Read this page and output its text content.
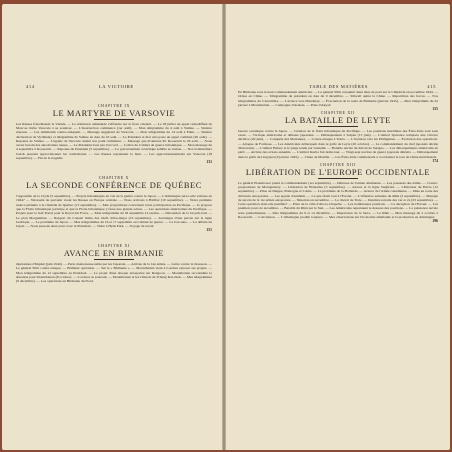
414	LA VICTOIRE
CHAPITRE IX
LE MARTYRE DE VARSOVIE
Les Russes franchissent la Vistule. — La résistance allemande s'effondre sur le front oriental. — Le 29 juillet un appel radiodiffusé de Moscou invite Varsovie à se soulever. — L'insurrection commence (1er août). — Mon télégramme du 4 août à Staline. — Sinistre réponse. — Les Allemands contre-attaquent. — Message suggérant de Varsovie. — Mon télégramme du 14 août à Eden. — Sinistre déclaration de Vychinsky et télégramme de Staline en date du 16 août. — Le Président et moi envoyons un appel commun (20 août). — Réponse de Staline. — L'agonie de Varsovie atteint son point culminant. — Message que m'adresse M. Roosevelt le 26 août. — Nous avons besoin des aérodromes russes. — Le Président n'est pas d'accord. — Colère du Cabinet de guerre britannique. — Mon message du 4 septembre à Roosevelt. — Réponse du Président (5 septembre). — Le gouvernement soviétique semble se raviser. — Nos bombardiers lourds peuvent approvisionner les combattants. — Les Russes reprennent la lutte. — Les approvisionnements sur Varsovie (18 septembre). — Fin de la tragédie
131
CHAPITRE X
LA SECONDE CONFÉRENCE DE QUÉBEC
J'appareille de la Clyde (5 septembre). — Projets britanniques en vue de la guerre contre le Japon. — L'Allemagne sera-t-elle vaincue en 1944? — Nécessité de parvenir avant les Russes en Europe centrale. — Nous arrivons à Halifax (10 septembre). — Notre première séance plénière à la citadelle de Québec (13 septembre). — Mes propositions concernant notre participation au Pacifique. — Je propose que la Flotte britannique participe et que la Flotte britannique y fasse une grande action. — Les opérations américaines du Pacifique. — Projets pour le bref Portal pour la Royal Air Force. — Mon télégramme du 18 septembre à Londres. — Discussion de la loi prêt-bail. — Le plan Morgenthau. — Rapport du Conseil mixte des chefs d'état-major (16 septembre). — Avantages d'une percée sur la ligne Gothique. — Le problème du Japon. — Mes télégrammes du 16 et 17 septembre au Cabinet de guerre. — Le bon sens. — La défaite du Japon. — Nous passons deux jours avec le Président. — Visite à Hyde Park. — Voyage de retour
151
CHAPITRE XI
AVANCE EN BIRMANIE
Opérations d'Imphal (juin 1944). — Perte douloureuse subie par les Japonais. — Arrivée de la 14e armée. — Lettre contre la mousson. — Le général Slim contre-attaque. — Brillante opération. — Sur la « Birmanie ». — Mountbatten vient à Londres exposer ses projets. — Mon télégramme du 12 septembre au Président. — Le projet d'une attaque aéroportée sur Rangoon. — Mountbatten reconsidère la situation pour Mountbatten (8 octobre). — L'avance se poursuit. — Mountbatten et les Chinois de Tchang Kaï-chek. — Mes télégrammes (9 décembre). — Les opérations en Birmanie du Nord.
TABLE DES MATIÈRES	415
En Birmanie sous le haut commandement américain. — Le général Slim conquiert deux têtes de pont sur le Chindwin en novembre 1944. — Orissa en Chine. — Télégramme du président en date du 9 décembre. — Stilwell quitte la Chine. — Répartition des forces. — Nos télégrammes du 5 décembre. — L'avance vers Mandalay. — Évacuation de la route de Birmanie (janvier 1945). — Mon télégramme du 22 janvier à Mountbatten. — Campagne d'Arakan. — Prise d'Akyab
155
CHAPITRE XII
LA BATAILLE DE LEYTE
Guerre océanique contre le Japon. — Création de la flotte britannique du Pacifique. — Les positions maritimes des États-Unis sont sans cesse. — Tactique américaine et défense japonaise. — Débarquement à Saipan (15 juin). — L'amiral Spruance remporte une victoire décisive (20 juin). — Conquête des Mariannes. — Contre-attaque à Tokio. — L'invasion vers les Philippines. — Evolution des opérations. — Attaque de Formose. — Les Américains débarquent dans le golfe de Leyte (20 octobre). — Le commandement du chef japonais décide d'intervenir. — L'amiral Halsey et le piège tendu par l'ennemi. — Bataille navale du détroit de Surigao. — Les débarquements américains en péril. — Arrivée des avions ennemis. — L'amiral Kurita fait demi-tour. — Vingt-sept navires de guerre japonais détruits. — Débarquement dans le golfe de Lingayen (9 janvier 1945). — Chute de Manille. — Les États-Unis commencent à coordonner la tour de Chine méridionale
174
CHAPITRE XIII
LIBÉRATION DE L'EUROPE OCCIDENTALE
Le général Eisenhower prend le commandement (1er septembre). — Détresse de l'armée allemande. — Les poussées des Alliés. — Contre-propositions de Montgomery. — Libération de Bruxelles (3 septembre). — Anvers et la ligne Siegfried. — Libération du Havre (12 septembre). — Prise de Dieppe, Boulogne et Calais. — Le problème de la Hollande. — Avance de l'armée canadienne. — Mise en route des divisions aéroportées. — Les appuis d'Arnhem. — Ce que firent tout à l'Escaut. — L'offensive aérienne du Rhin (3 septembre). — Manque de succès de la 1re armée aéroportée. — Situation en novembre. — Le cheval de Troie. — Dernière retraite des 1er et 2e (23 septembre). — Cette opération était-elle justifiée? — Prise de la ville d'Aix-la-Chapelle. — Les nombreuses positions. — La déception de l'Escaut. — Les premiers jours de novembre. — Bataille du Rhin par le Sud. — Les Américains reprennent le dessous des positions. — La puissance navale reste prédominante. — Mes télégrammes du 9 et 14 décembre. — Importance de la Sarre. — Le Rhin — Mon message du 2 octobre à Roosevelt. — Conclusion. — L'Allemagne produit toujours. — Mes observations sur l'économie allemande et la production en Allemagne
196
